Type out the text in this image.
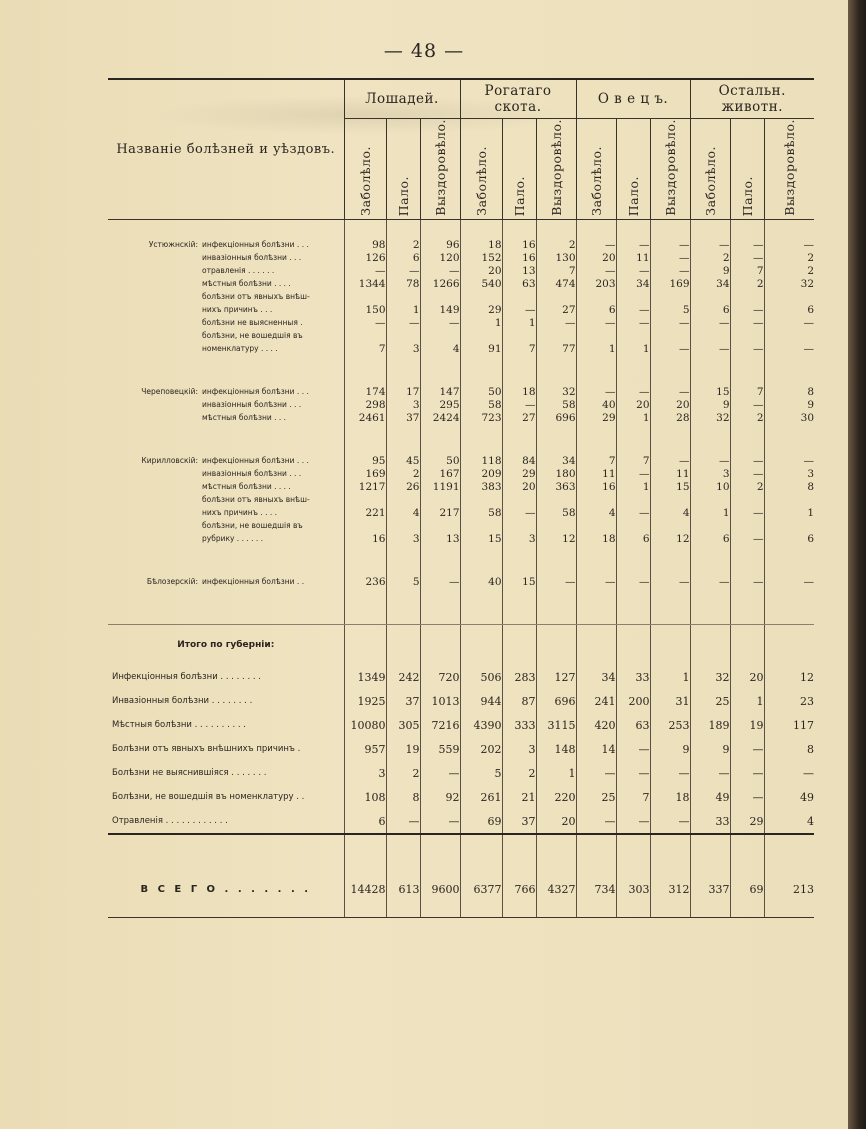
— 48 —
Названіе болѣзней и уѣздовъ.	Лошадей.			Рогатаго скота.			О в е ц ъ.			Остальн. животн.		
	Заболѣло.	Пало.	Выздоровѣло.	Заболѣло.	Пало.	Выздоровѣло.	Заболѣло.	Пало.	Выздоровѣло.	Заболѣло.	Пало.	Выздоровѣло.

Устюжнскій: инфекціонныя болѣзни . . .	98	2	96	18	16	2	—	—	—	—	—	—
инвазіонныя болѣзни . . .	126	6	120	152	16	130	20	11	—	2	—	2
отравленія . . . . . .	—	—	—	20	13	7	—	—	—	9	7	2
мѣстныя болѣзни . . . .	1344	78	1266	540	63	474	203	34	169	34	2	32
болѣзни отъ явныхъ внѣш-												
нихъ причинъ . . .	150	1	149	29	—	27	6	—	5	6	—	6
болѣзни не выясненныя .	—	—	—	1	1	—	—	—	—	—	—	—
болѣзни, не вошедшія въ												
номенклатуру . . . .	7	3	4	91	7	77	1	1	—	—	—	—

Череповецкій: инфекціонныя болѣзни . . .	174	17	147	50	18	32	—	—	—	15	7	8
инвазіонныя болѣзни . . .	298	3	295	58	—	58	40	20	20	9	—	9
мѣстныя болѣзни . . .	2461	37	2424	723	27	696	29	1	28	32	2	30

Кирилловскій: инфекціонныя болѣзни . . .	95	45	50	118	84	34	7	7	—	—	—	—
инвазіонныя болѣзни . . .	169	2	167	209	29	180	11	—	11	3	—	3
мѣстныя болѣзни . . . .	1217	26	1191	383	20	363	16	1	15	10	2	8
болѣзни отъ явныхъ внѣш-												
нихъ причинъ . . . .	221	4	217	58	—	58	4	—	4	1	—	1
болѣзни, не вошедшія въ												
рубрику . . . . . .	16	3	13	15	3	12	18	6	12	6	—	6

Бѣлозерскій: инфекціонныя болѣзни . .	236	5	—	40	15	—	—	—	—	—	—	—

Итого по губерніи:												
Инфекціонныя болѣзни . . . . . . . .	1349	242	720	506	283	127	34	33	1	32	20	12
Инвазіонныя болѣзни . . . . . . . .	1925	37	1013	944	87	696	241	200	31	25	1	23
Мѣстныя болѣзни . . . . . . . . . .	10080	305	7216	4390	333	3115	420	63	253	189	19	117
Болѣзни отъ явныхъ внѣшнихъ причинъ .	957	19	559	202	3	148	14	—	9	9	—	8
Болѣзни не выяснившіяся . . . . . . .	3	2	—	5	2	1	—	—	—	—	—	—
Болѣзни, не вошедшія въ номенклатуру . .	108	8	92	261	21	220	25	7	18	49	—	49
Отравленія . . . . . . . . . . . .	6	—	—	69	37	20	—	—	—	33	29	4

В С Е Г О . . . . . . .	14428	613	9600	6377	766	4327	734	303	312	337	69	213
